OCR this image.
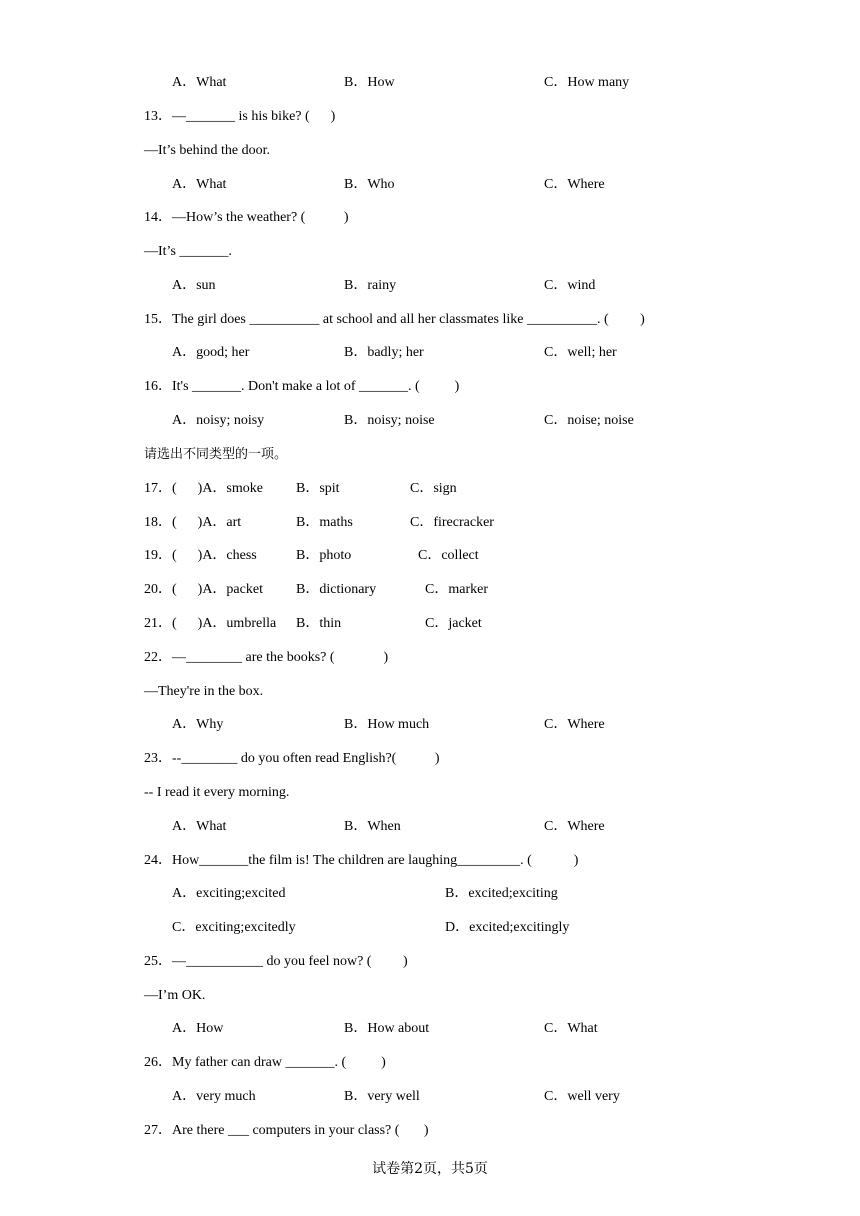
A．What	B．How	C．How many
13．—_______ is his bike? (      )
—It’s behind the door.
A．What	B．Who	C．Where
14．—How’s the weather? (           )
—It’s _______.
A．sun	B．rainy	C．wind
15．The girl does __________ at school and all her classmates like __________. (         )
A．good; her	B．badly; her	C．well; her
16．It's _______. Don't make a lot of _______. (          )
A．noisy; noisy	B．noisy; noise	C．noise; noise
请选出不同类型的一项。
17．(      )A．smoke B．spit	C．sign
18．(      )A．art	B．maths	C．firecracker
19．(      )A．chess	B．photo	C．collect
20．(      )A．packet B．dictionary	C．marker
21．(      )A．umbrella B．thin	C．jacket
22．—________ are the books? (              )
—They're in the box.
A．Why	B．How much	C．Where
23．--________ do you often read English?(           )
-- I read it every morning.
A．What	B．When	C．Where
24．How_______the film is! The children are laughing_________. (            )
A．exciting;excited	B．excited;exciting
C．exciting;excitedly	D．excited;excitingly
25．—___________ do you feel now? (         )
—I’m OK.
A．How	B．How about	C．What
26．My father can draw _______. (          )
A．very much	B．very well	C．well very
27．Are there ___ computers in your class? (       )
试卷第2页，共5页
